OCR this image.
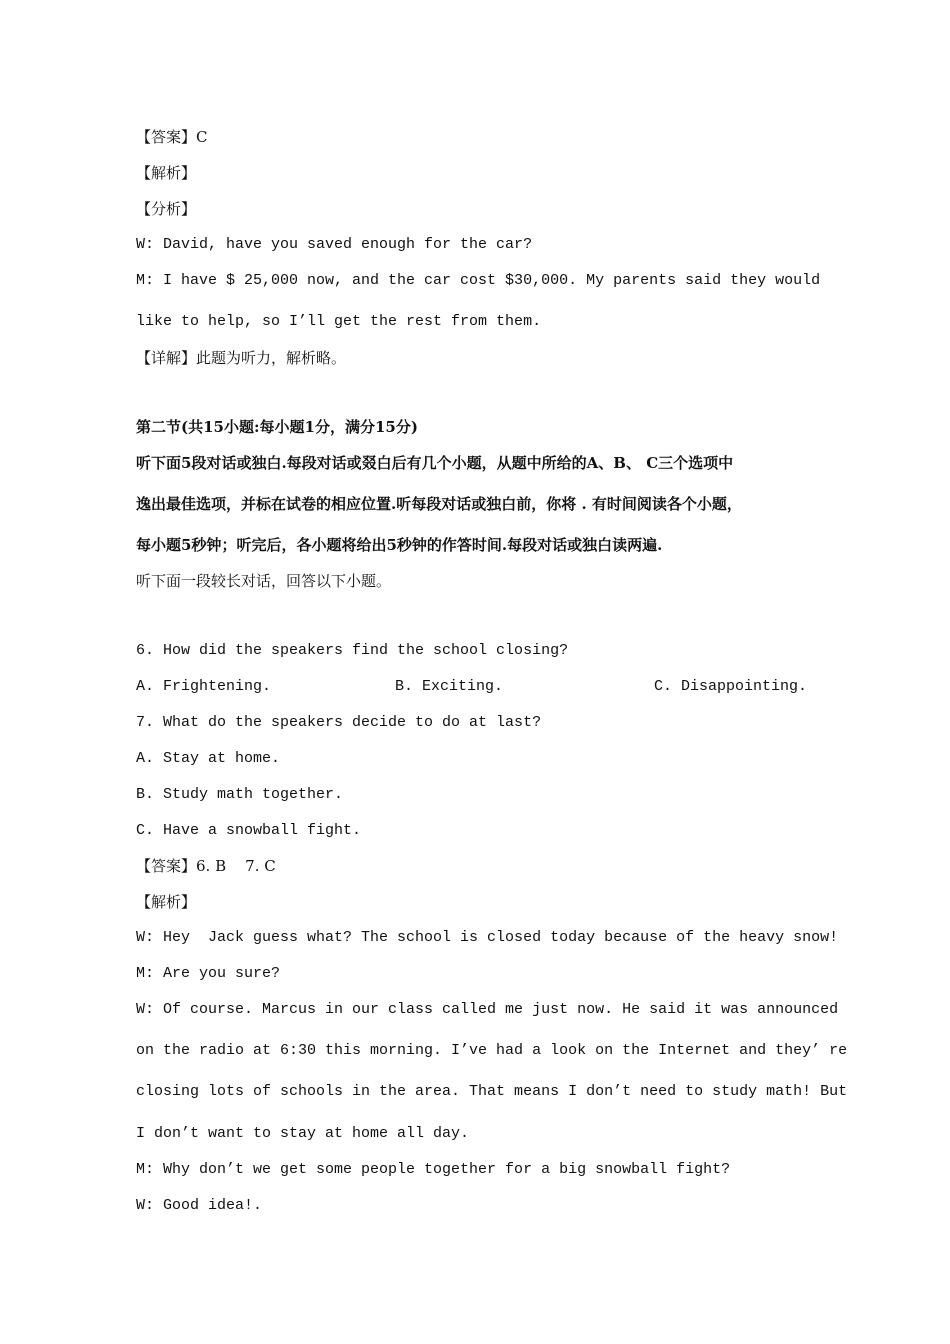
【答案】C
【解析】
【分析】
W: David, have you saved enough for the car?
M: I have $ 25,000 now, and the car cost $30,000. My parents said they would
like to help, so I’ll get the rest from them.
【详解】此题为听力，解析略。
第二节(共15小题:每小题1分，满分15分)
听下面5段对话或独白.每段对话或叕白后有几个小题，从题中所给的A、B、 C三个选项中
逸出最佳选项，并标在试卷的相应位置.听每段对话或独白前，你将 . 有时间阅读各个小题，
每小题5秒钟；听完后，各小题将给出5秒钟的作答时间.每段对话或独白读两遍.
听下面一段较长对话，回答以下小题。
6. How did the speakers find the school closing?
A. Frightening.	B. Exciting.	C. Disappointing.
7. What do the speakers decide to do at last?
A. Stay at home.
B. Study math together.
C. Have a snowball fight.
【答案】6. B    7. C
【解析】
W: Hey  Jack guess what? The school is closed today because of the heavy snow!
M: Are you sure?
W: Of course. Marcus in our class called me just now. He said it was announced
on the radio at 6:30 this morning. I’ve had a look on the Internet and they’ re
closing lots of schools in the area. That means I don’t need to study math! But
I don’t want to stay at home all day.
M: Why don’t we get some people together for a big snowball fight?
W: Good idea!.
